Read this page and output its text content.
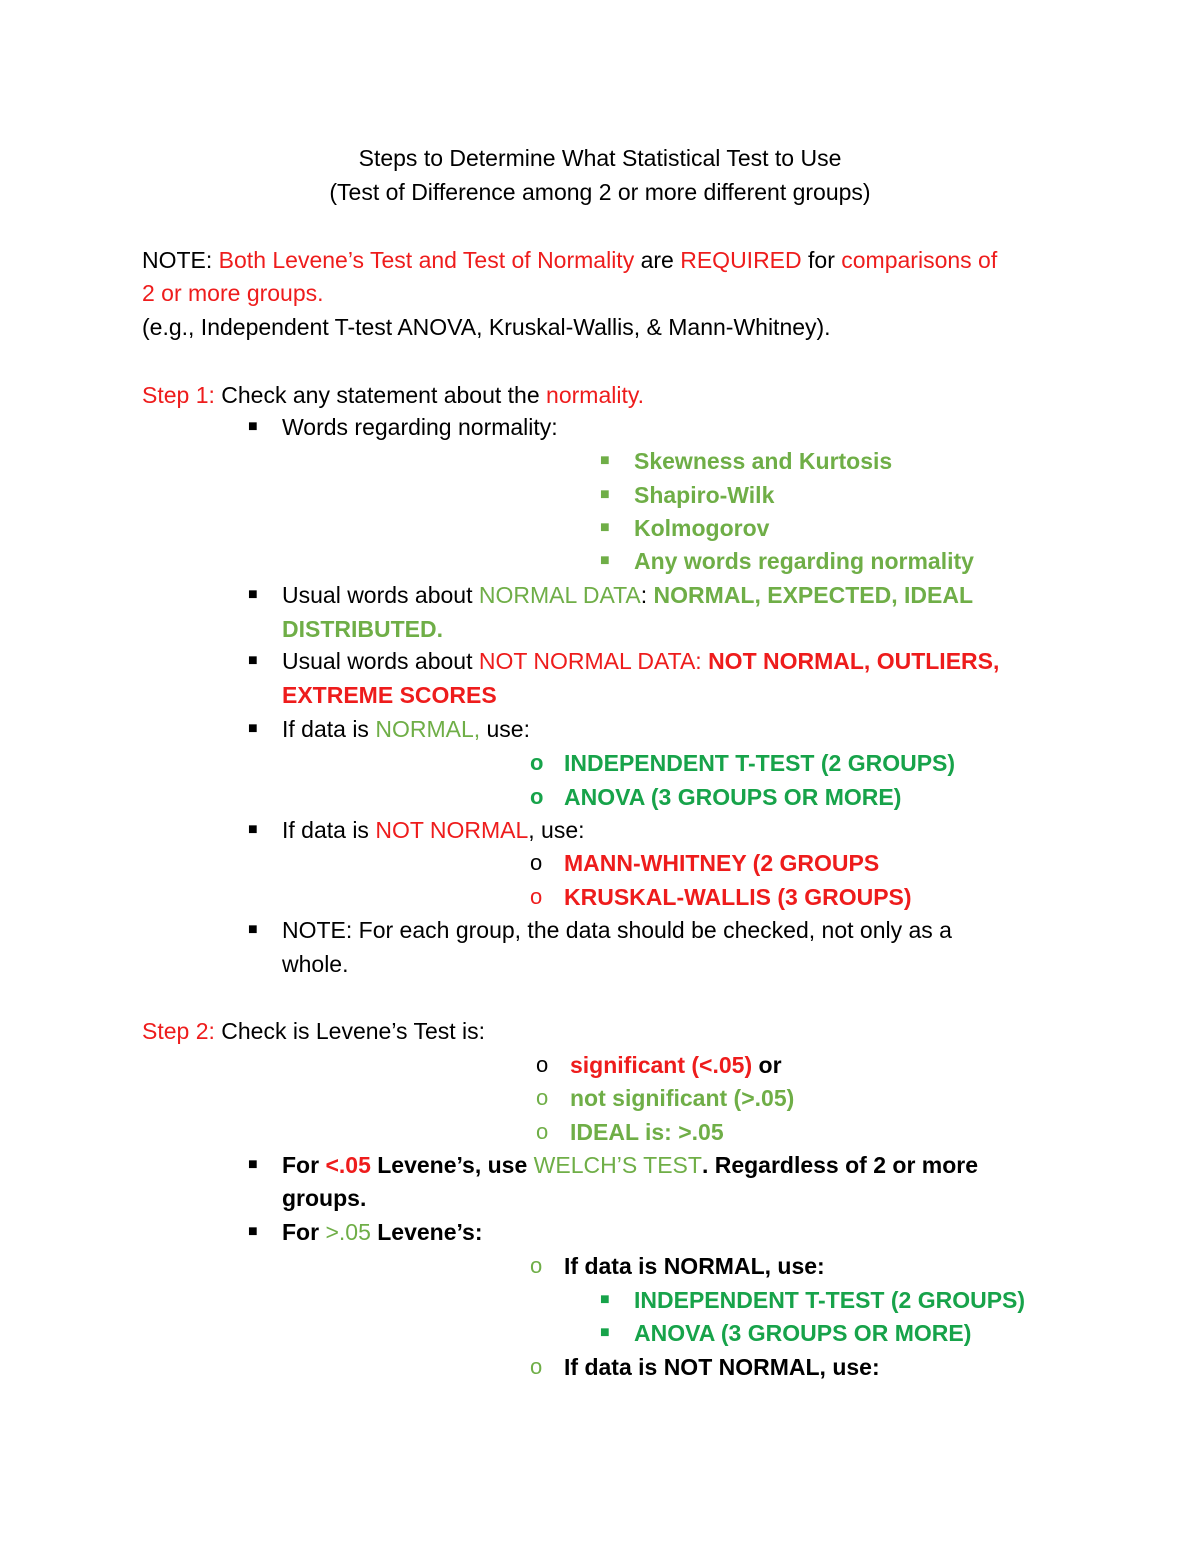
Steps to Determine What Statistical Test to Use
(Test of Difference among 2 or more different groups)
NOTE: Both Levene’s Test and Test of Normality are REQUIRED for comparisons of
2 or more groups.
(e.g., Independent T-test ANOVA, Kruskal-Wallis, & Mann-Whitney).
Step 1: Check any statement about the normality.
■ Words regarding normality:
■ Skewness and Kurtosis
■ Shapiro-Wilk
■ Kolmogorov
■ Any words regarding normality
■ Usual words about NORMAL DATA: NORMAL, EXPECTED, IDEAL
DISTRIBUTED.
■ Usual words about NOT NORMAL DATA: NOT NORMAL, OUTLIERS,
EXTREME SCORES
■ If data is NORMAL, use:
o INDEPENDENT T-TEST (2 GROUPS)
o ANOVA (3 GROUPS OR MORE)
■ If data is NOT NORMAL, use:
o MANN-WHITNEY (2 GROUPS
o KRUSKAL-WALLIS (3 GROUPS)
■ NOTE: For each group, the data should be checked, not only as a
whole.
Step 2: Check is Levene’s Test is:
o significant (<.05) or
o not significant (>.05)
o IDEAL is: >.05
■ For <.05 Levene’s, use WELCH’S TEST. Regardless of 2 or more
groups.
■ For >.05 Levene’s:
o If data is NORMAL, use:
■ INDEPENDENT T-TEST (2 GROUPS)
■ ANOVA (3 GROUPS OR MORE)
o If data is NOT NORMAL, use:
